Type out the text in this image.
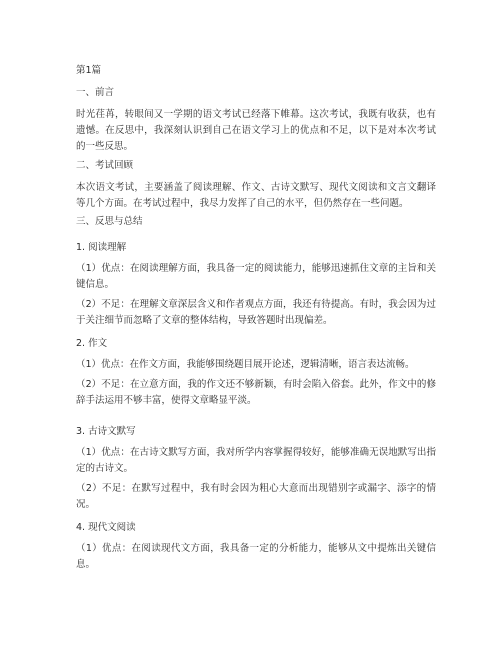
第1篇
一、前言
时光荏苒，转眼间又一学期的语文考试已经落下帷幕。这次考试，我既有收获，也有遗憾。在反思中，我深刻认识到自己在语文学习上的优点和不足，以下是对本次考试的一些反思。
二、考试回顾
本次语文考试，主要涵盖了阅读理解、作文、古诗文默写、现代文阅读和文言文翻译等几个方面。在考试过程中，我尽力发挥了自己的水平，但仍然存在一些问题。
三、反思与总结
1. 阅读理解
（1）优点：在阅读理解方面，我具备一定的阅读能力，能够迅速抓住文章的主旨和关键信息。
（2）不足：在理解文章深层含义和作者观点方面，我还有待提高。有时，我会因为过于关注细节而忽略了文章的整体结构，导致答题时出现偏差。
2. 作文
（1）优点：在作文方面，我能够围绕题目展开论述，逻辑清晰，语言表达流畅。
（2）不足：在立意方面，我的作文还不够新颖，有时会陷入俗套。此外，作文中的修辞手法运用不够丰富，使得文章略显平淡。
3. 古诗文默写
（1）优点：在古诗文默写方面，我对所学内容掌握得较好，能够准确无误地默写出指定的古诗文。
（2）不足：在默写过程中，我有时会因为粗心大意而出现错别字或漏字、添字的情况。
4. 现代文阅读
（1）优点：在阅读现代文方面，我具备一定的分析能力，能够从文中提炼出关键信息。
